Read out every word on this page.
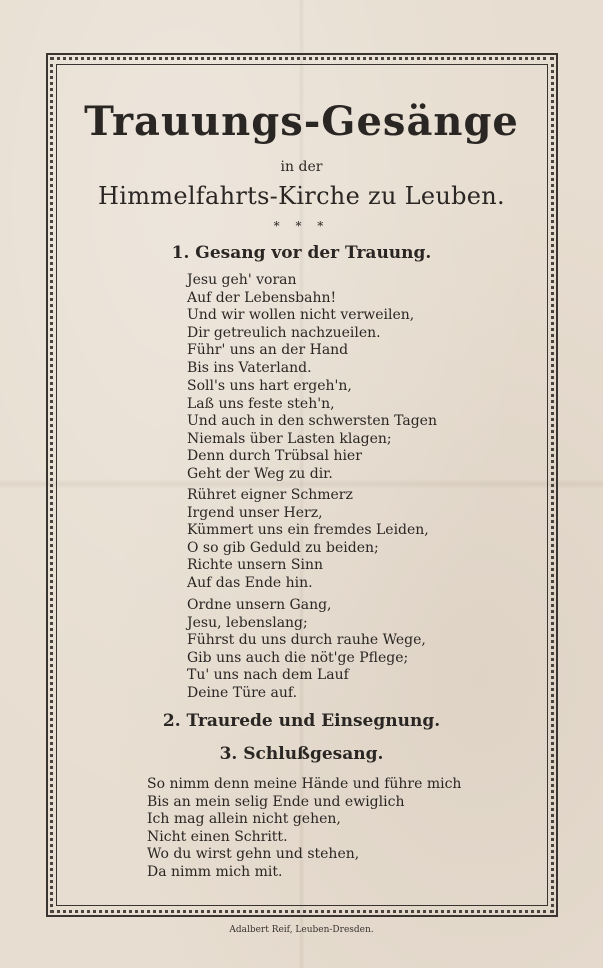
Trauungs-Gesänge
in der
Himmelfahrts-Kirche zu Leuben.
* * *
1. Gesang vor der Trauung.
Jesu geh' voran
Auf der Lebensbahn!
Und wir wollen nicht verweilen,
Dir getreulich nachzueilen.
Führ' uns an der Hand
Bis ins Vaterland.
Soll's uns hart ergeh'n,
Laß uns feste steh'n,
Und auch in den schwersten Tagen
Niemals über Lasten klagen;
Denn durch Trübsal hier
Geht der Weg zu dir.
Rühret eigner Schmerz
Irgend unser Herz,
Kümmert uns ein fremdes Leiden,
O so gib Geduld zu beiden;
Richte unsern Sinn
Auf das Ende hin.
Ordne unsern Gang,
Jesu, lebenslang;
Führst du uns durch rauhe Wege,
Gib uns auch die nöt'ge Pflege;
Tu' uns nach dem Lauf
Deine Türe auf.
2. Traurede und Einsegnung.
3. Schlußgesang.
So nimm denn meine Hände und führe mich
Bis an mein selig Ende und ewiglich
Ich mag allein nicht gehen,
Nicht einen Schritt.
Wo du wirst gehn und stehen,
Da nimm mich mit.
Adalbert Reif, Leuben-Dresden.
